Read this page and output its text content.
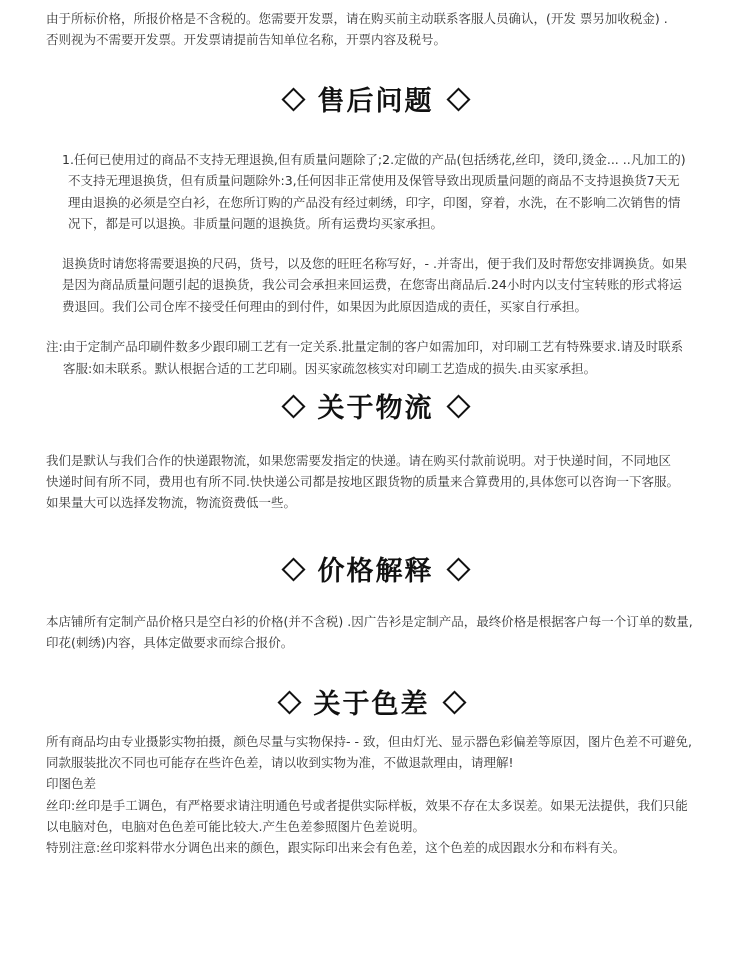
由于所标价格，所报价格是不含税的。您需要开发票，请在购买前主动联系客服人员确认，(开发 票另加收税金) .
否则视为不需要开发票。开发票请提前告知单位名称，开票内容及税号。
售后问题
1.任何已使用过的商品不支持无理退换,但有质量问题除了;2.定做的产品(包括绣花,丝印，烫印,烫金... ..凡加工的)
不支持无理退换货，但有质量问题除外:3,任何因非正常使用及保管导致出现质量问题的商品不支持退换货7天无
理由退换的必须是空白衫，在您所订购的产品没有经过刺绣，印字，印图，穿着，水洗，在不影响二次销售的情
况下，都是可以退换。非质量问题的退换货。所有运费均买家承担。
退换货时请您将需要退换的尺码，货号，以及您的旺旺名称写好，- .并寄出，便于我们及时帮您安排调换货。如果
是因为商品质量问题引起的退换货，我公司会承担来回运费，在您寄出商品后.24小时内以支付宝转账的形式将运
费退回。我们公司仓库不接受任何理由的到付件，如果因为此原因造成的责任，买家自行承担。
注:由于定制产品印刷件数多少跟印刷工艺有一定关系.批量定制的客户如需加印，对印刷工艺有特殊要求.请及时联系
客服:如未联系。默认根据合适的工艺印刷。因买家疏忽核实对印刷工艺造成的损失.由买家承担。
关于物流
我们是默认与我们合作的快递跟物流，如果您需要发指定的快递。请在购买付款前说明。对于快递时间，不同地区
快递时间有所不同，费用也有所不同.快快递公司都是按地区跟货物的质量来合算费用的,具体您可以咨询一下客服。
如果量大可以选择发物流，物流资费低一些。
价格解释
本店铺所有定制产品价格只是空白衫的价格(并不含税) .因广告衫是定制产品，最终价格是根据客户每一个订单的数量,
印花(刺绣)内容，具体定做要求而综合报价。
关于色差
所有商品均由专业摄影实物拍摄，颜色尽量与实物保持- - 致，但由灯光、显示器色彩偏差等原因，图片色差不可避免,
同款服装批次不同也可能存在些许色差，请以收到实物为准，不做退款理由，请理解!
印图色差
丝印:丝印是手工调色，有严格要求请注明通色号或者提供实际样板，效果不存在太多误差。如果无法提供，我们只能
以电脑对色，电脑对色色差可能比较大.产生色差参照图片色差说明。
特别注意:丝印浆料带水分调色出来的颜色，跟实际印出来会有色差，这个色差的成因跟水分和布料有关。
